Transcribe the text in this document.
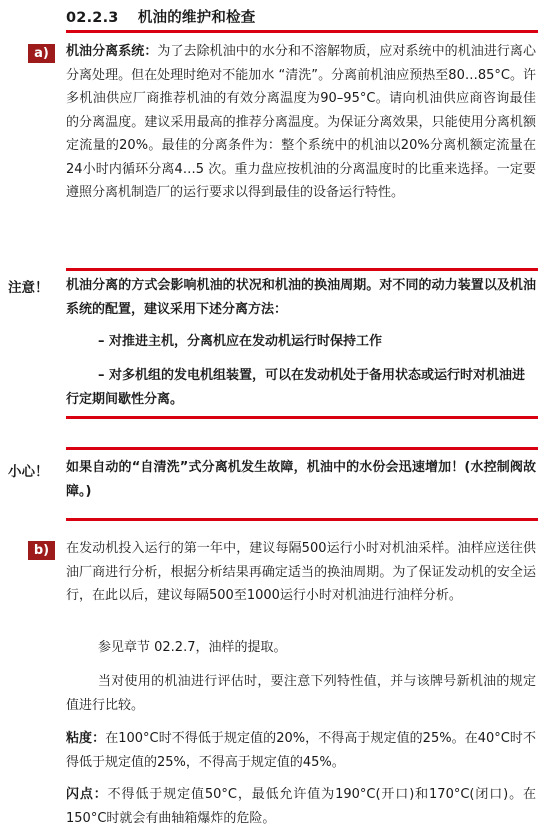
02.2.3 机油的维护和检查
a)	机油分离系统：为了去除机油中的水分和不溶解物质，应对系统中的机油进行离心分离处理。但在处理时绝对不能加水 “清洗”。分离前机油应预热至80…85°C。许多机油供应厂商推荐机油的有效分离温度为90–95°C。请向机油供应商咨询最佳的分离温度。建议采用最高的推荐分离温度。为保证分离效果，只能使用分离机额定流量的20%。最佳的分离条件为：整个系统中的机油以20%分离机额定流量在24小时内循环分离4…5 次。重力盘应按机油的分离温度时的比重来选择。一定要遵照分离机制造厂的运行要求以得到最佳的设备运行特性。

注意！ 机油分离的方式会影响机油的状况和机油的换油周期。对不同的动力装置以及机油系统的配置，建议采用下述分离方法：

– 对推进主机，分离机应在发动机运行时保持工作
– 对多机组的发电机组装置，可以在发动机处于备用状态或运行时对机油进行定期间歇性分离。
小心！ 如果自动的“自清洗”式分离机发生故障，机油中的水份会迅速增加！(水控制阀故障。)

b)	在发动机投入运行的第一年中，建议每隔500运行小时对机油采样。油样应送往供油厂商进行分析，根据分析结果再确定适当的换油周期。为了保证发动机的安全运行，在此以后，建议每隔500至1000运行小时对机油进行油样分析。

参见章节 02.2.7，油样的提取。

当对使用的机油进行评估时，要注意下列特性值，并与该牌号新机油的规定值进行比较。

粘度：在100°C时不得低于规定值的20%，不得高于规定值的25%。在40°C时不得低于规定值的25%，不得高于规定值的45%。

闪点：不得低于规定值50°C，最低允许值为190°C(开口)和170°C(闭口)。在150°C时就会有曲轴箱爆炸的危险。
